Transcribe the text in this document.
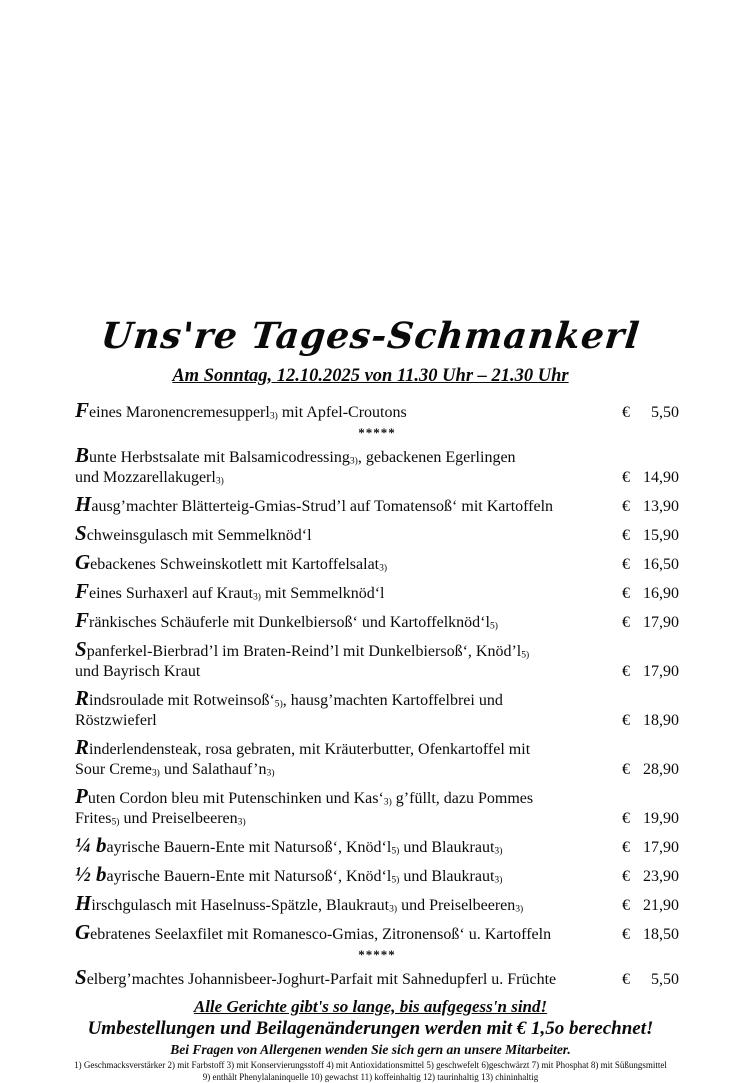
Uns're Tages-Schmankerl
Am Sonntag, 12.10.2025 von 11.30 Uhr – 21.30 Uhr
Feines Maronencremesupperl$_{3)}$ mit Apfel-Croutons	€ 5,50
*****
Bunte Herbstsalate mit Balsamicodressing$_{3)}$, gebackenen Egerlingen
und Mozzarellakugerl$_{3)}$	€ 14,90
Hausg’machter Blätterteig-Gmias-Strud’l auf Tomatensoß‘ mit Kartoffeln	€ 13,90
Schweinsgulasch mit Semmelknöd‘l	€ 15,90
Gebackenes Schweinskotlett mit Kartoffelsalat$_{3)}$	€ 16,50
Feines Surhaxerl auf Kraut$_{3)}$ mit Semmelknöd‘l	€ 16,90
Fränkisches Schäuferle mit Dunkelbiersoß‘ und $Kartoffelknöd‘l_{5)}$	€ 17,90
Spanferkel-Bierbrad’l im Braten-Reind’l mit Dunkelbiersoß‘, $Knöd’l_{5)}$
und Bayrisch Kraut	€ 17,90
Rindsroulade mit $Rotweinsoß‘_{5)}$, hausg’machten Kartoffelbrei und
Röstzwieferl	€ 18,90
Rinderlendensteak, rosa gebraten, mit Kräuterbutter, Ofenkartoffel mit
Sour Creme$_{3)}$ und $Salathauf’n_{3)}$	€ 28,90
Puten Cordon bleu mit Putenschinken und $Kas‘_{3)}$ g’füllt, dazu Pommes
Frites$_{5)}$ und Preiselbeeren$_{3)}$	€ 19,90
¼ bayrische Bauern-Ente mit Natursoß‘, $Knöd‘l_{5)}$ und Blaukraut$_{3)}$	€ 17,90
½ bayrische Bauern-Ente mit Natursoß‘, $Knöd‘l_{5)}$ und Blaukraut$_{3)}$	€ 23,90
Hirschgulasch mit Haselnuss-Spätzle, Blaukraut$_{3)}$ und Preiselbeeren$_{3)}$	€ 21,90
Gebratenes Seelaxfilet mit Romanesco-Gmias, Zitronensoß‘ u. Kartoffeln	€ 18,50
*****
Selberg’machtes Johannisbeer-Joghurt-Parfait mit Sahnedupferl u. Früchte	€ 5,50
Alle Gerichte gibt's so lange, bis aufgegess'n sind!
Umbestellungen und Beilagenänderungen werden mit € 1,5o berechnet!
Bei Fragen von Allergenen wenden Sie sich gern an unsere Mitarbeiter.
1) Geschmacksverstärker 2) mit Farbstoff 3) mit Konservierungsstoff 4) mit Antioxidationsmittel 5) geschwefelt 6)geschwärzt 7) mit Phosphat 8) mit Süßungsmittel
9) enthält Phenylalaninquelle 10) gewachst 11) koffeinhaltig 12) taurinhaltig 13) chininhaltig
